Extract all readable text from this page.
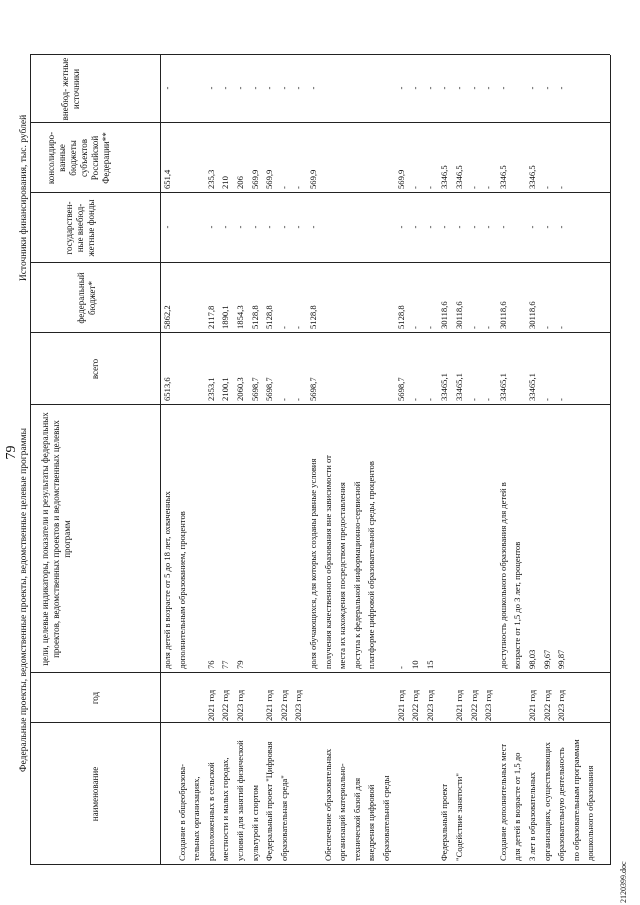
79 Федеральные проекты, ведомственные проекты, ведомственные целевые программы
Источники финансирования, тыс. рублей
наименование
год
цели, целевые индикаторы, показатели и результаты федеральных проектов, ведомственных проектов и ведомственных целевых программ
всего
федеральный бюджет*
государствен- ные внебюд- жетные фонды
консолидиро- ванные бюджеты субъектов Российской Федерации**
внебюд- жетные источники
доля детей в возрасте от 5 до 18 лет, охваченных
6513,6
5862,2
-
651,4
-
Создание в общеобразова-
дополнительным образованием, процентов
тельных организациях, расположенных в сельской
2021 год
76
2353,1
2117,8
-
235,3
-
местности и малых городах,
2022 год
77
2100,1
1890,1
-
210
-
условий для занятий физической
2023 год
79
2060,3
1854,3
-
206
-
культурой и спортом
5698,7
5128,8
-
569,9
-
Федеральный проект "Цифровая
2021 год
5698,7
5128,8
-
569,9
-
образовательная среда"
2022 год
-
-
-
-
-
2023 год
-
-
-
-
-
доля обучающихся, для которых созданы равные условия
5698,7
5128,8
-
569,9
-
Обеспечение образовательных
получения качественного образования вне зависимости от
организаций материально-
места их нахождения посредством предоставления
технической базой для
доступа к федеральной информационно-сервисной
внедрения цифровой
платформе цифровой образовательной среды, процентов
образовательной среды
2021 год
-
5698,7
5128,8
-
569,9
-
2022 год
10
-
-
-
-
-
2023 год
15
-
-
-
-
-
Федеральный проект
33465,1
30118,6
-
3346,5
-
"Содействие занятости"
2021 год
33465,1
30118,6
-
3346,5
-
2022 год
-
-
-
-
-
2023 год
-
-
-
-
-
Создание дополнительных мест
доступность дошкольного образования для детей в
33465,1
30118,6
-
3346,5
-
для детей в возрасте от 1,5 до
возрасте от 1,5 до 3 лет, процентов
3 лет в образовательных
2021 год
98,03
33465,1
30118,6
-
3346,5
-
организациях, осуществляющих
2022 год
99,67
-
-
-
-
-
образовательную деятельность
2023 год
99,87
-
-
-
-
-
по образовательным программам дошкольного образования
2120399.doc
